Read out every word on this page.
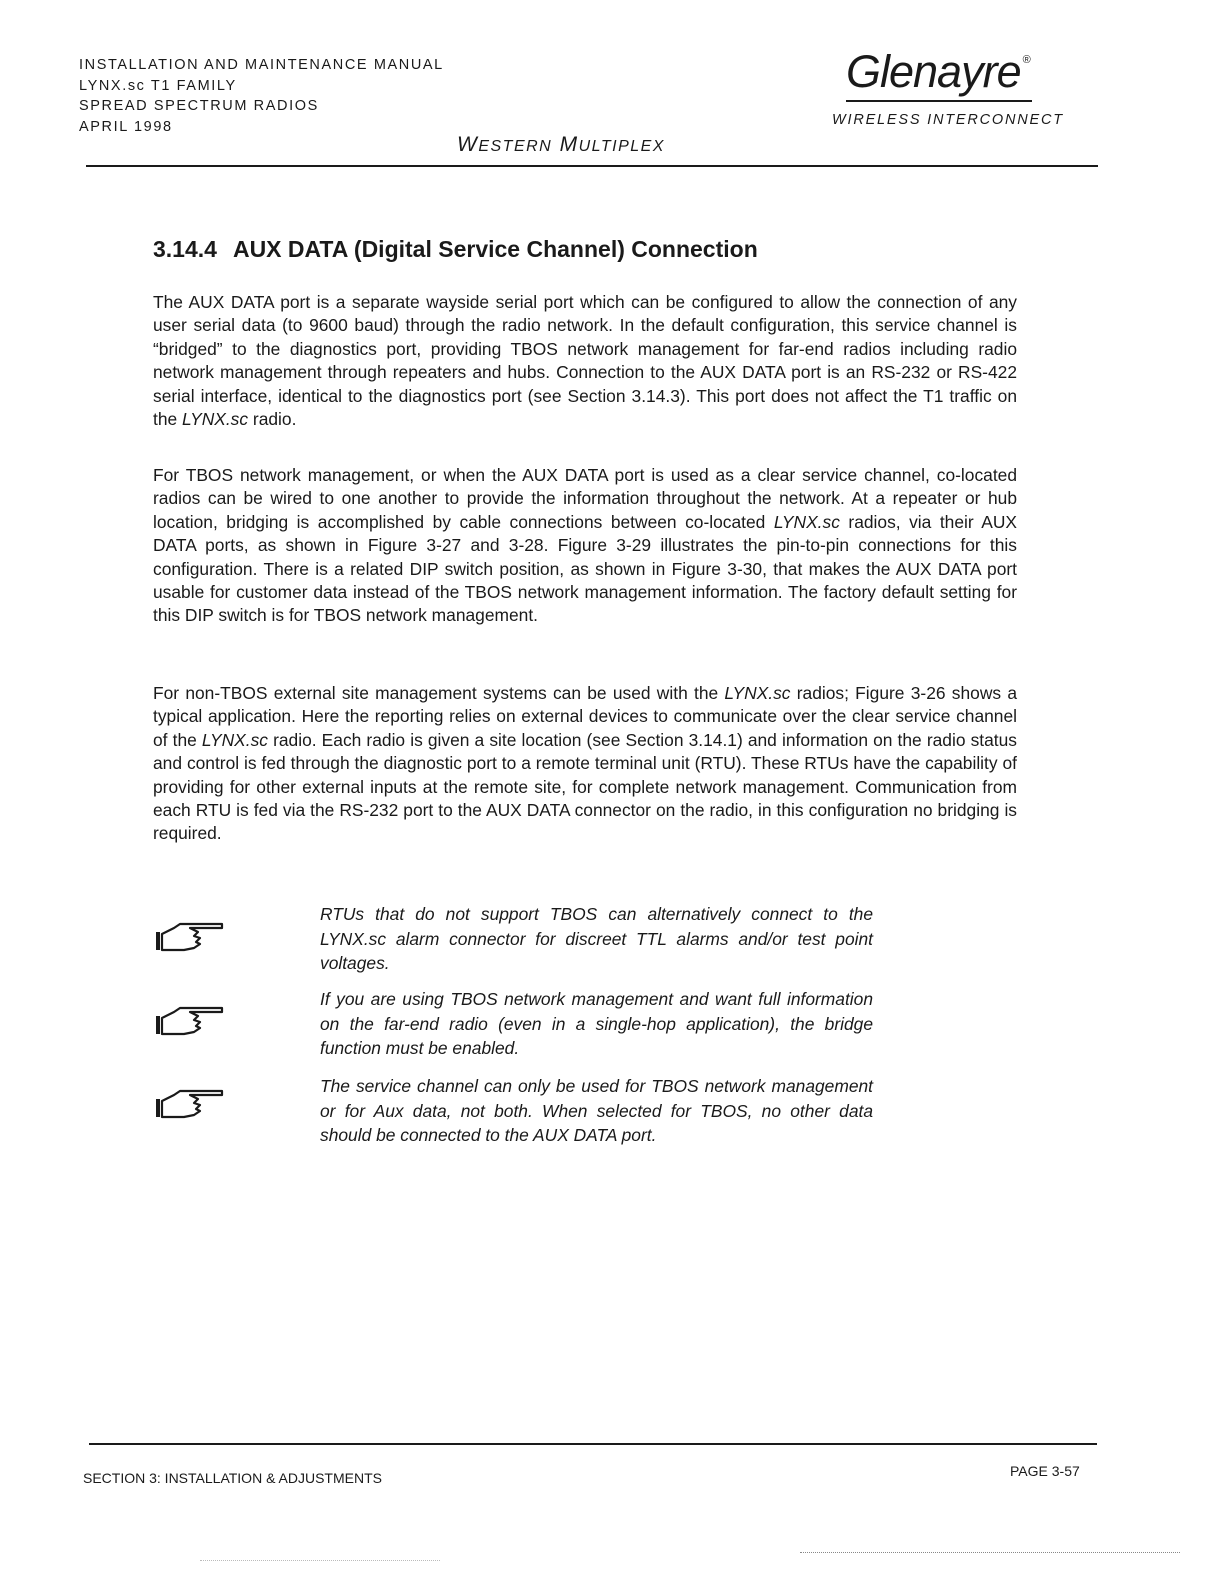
INSTALLATION AND MAINTENANCE MANUAL
LYNX.sc T1 FAMILY
SPREAD SPECTRUM RADIOS
APRIL 1998
Glenayre ®
WIRELESS INTERCONNECT
WESTERN MULTIPLEX
3.14.4 AUX DATA (Digital Service Channel) Connection
The AUX DATA port is a separate wayside serial port which can be configured to allow the connection of any user serial data (to 9600 baud) through the radio network. In the default configuration, this service channel is “bridged” to the diagnostics port, providing TBOS network management for far-end radios including radio network management through repeaters and hubs. Connection to the AUX DATA port is an RS-232 or RS-422 serial interface, identical to the diagnostics port (see Section 3.14.3). This port does not affect the T1 traffic on the LYNX.sc radio.
For TBOS network management, or when the AUX DATA port is used as a clear service channel, co-located radios can be wired to one another to provide the information throughout the network. At a repeater or hub location, bridging is accomplished by cable connections between co-located LYNX.sc radios, via their AUX DATA ports, as shown in Figure 3-27 and 3-28. Figure 3-29 illustrates the pin-to-pin connections for this configuration. There is a related DIP switch position, as shown in Figure 3-30, that makes the AUX DATA port usable for customer data instead of the TBOS network management information. The factory default setting for this DIP switch is for TBOS network management.
For non-TBOS external site management systems can be used with the LYNX.sc radios; Figure 3-26 shows a typical application. Here the reporting relies on external devices to communicate over the clear service channel of the LYNX.sc radio. Each radio is given a site location (see Section 3.14.1) and information on the radio status and control is fed through the diagnostic port to a remote terminal unit (RTU). These RTUs have the capability of providing for other external inputs at the remote site, for complete network management. Communication from each RTU is fed via the RS-232 port to the AUX DATA connector on the radio, in this configuration no bridging is required.
RTUs that do not support TBOS can alternatively connect to the LYNX.sc alarm connector for discreet TTL alarms and/or test point voltages.
If you are using TBOS network management and want full information on the far-end radio (even in a single-hop application), the bridge function must be enabled.
The service channel can only be used for TBOS network management or for Aux data, not both. When selected for TBOS, no other data should be connected to the AUX DATA port.
SECTION 3: INSTALLATION & ADJUSTMENTS	PAGE 3-57
